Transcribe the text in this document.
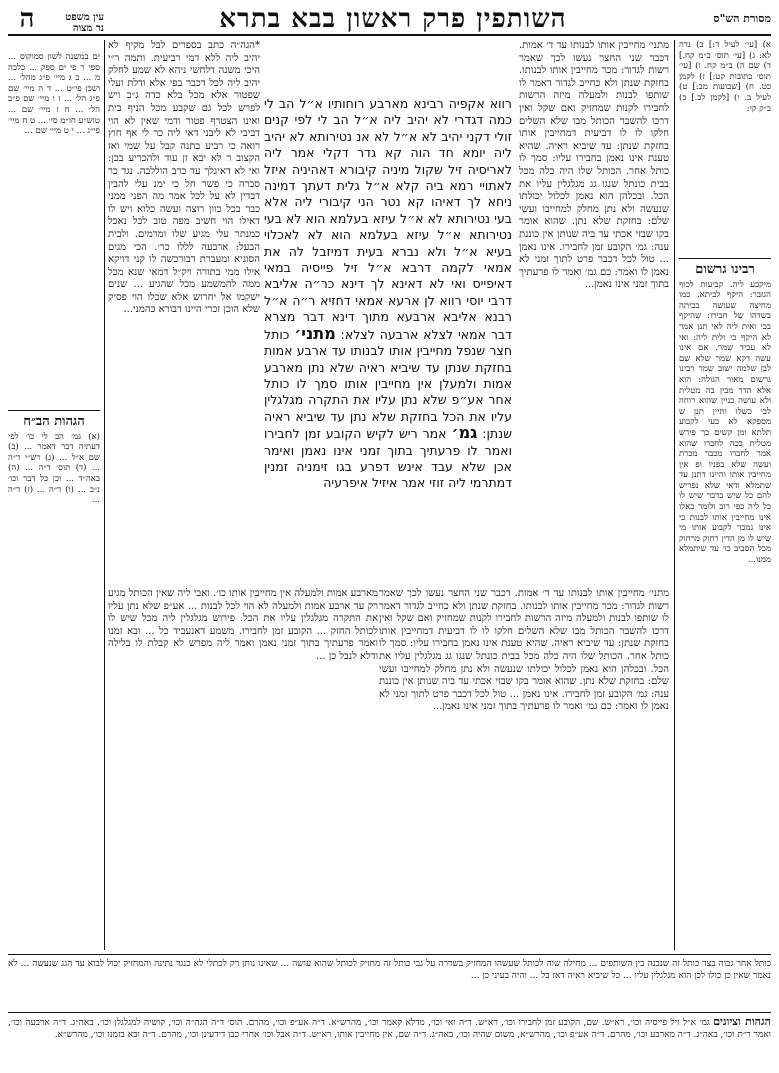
ה	השותפין פרק ראשון בבא בתרא	מסורת הש"ס
עין משפט
נר מצוה

א) [עי׳ לעיל ד:] ב) נדה לא: ג) [עי׳ תוס׳ ב״מ קח.] ד) שם ה) ב״מ קח. ו) [עי׳ תוס׳ כתובות קט:] ז) לקמן כט. ח) [שבועות מב:] ט) לעיל ב. י) [לקמן לב.] כ) ב״ק קי:

רבינו גרשום

מיקבע ליה. קביעות לכוף הגזבר: היקף לביתא. כמו מחיצה שעושה בביתה בשדהו של חבירו: שהיקף בכי ואית ליה לאי תנן אמר לא היקף כי ולית ליה: ואי לא עביד שמר. אם אינו עשה דקא שמר שלא שם לבן שלמה ישוב שמר רבינו גרשום מאור הגולה: הוא אלא הדר מבין בה מטלית ולא עושה בניין שהוא רוחה לבי כשלו ותיין תנן ש מספקא לא בעי לקבוע תלתא ומן קשים כך פירש מטלית בכה לחברו שהוא אמר לחברו מכבר מכרת ועשה שלא בפניו ופ אין מחייבין אותו והיינו דתנן עד שתמלא ודאי שלא נפריש להם כל שיש בדבר שיש לו כל ליה כפי רוב ולומר באלו אינו מחייבין אותו לבנות כי אינו נמכר לקבוע אותו מי שיש לו מן הדין רחוק מרחוק מכל הסביב כו׳ עד שיתמלא ממנו...

מתני׳ מחייבין אותו לבנותו עד ד׳ אמות. דכבר שני החצר נעשו לכך שאמר רשות לגדור: מכר מחייבין אותו לבנותו. בחזקת שנתן ולא כחייב לגדור דאמר לו שותפו לבנות ולמעלה מיזה הרשות לחבירו לקנות שמחזיק ואם שקל ואין דרכו להשבר הכותל מבו שלא השלים חלקו לו לו דביעית דמחייבין אותו בחזקת שנתן: עד שיביא ראיה. שהיא טענת אינו נאמן בחבירו עליו: סמך לו כותל אחר. הכותל שלו היה כלה מכל בבית כונתל שנגו גג מגלגלין עליו את הכל. ובכלהן הוא נאמן לכלול יכולתו שנעשה ולא נתן מחלק למחייבו ועשי שלם: בחזקת שלא נתן. שהוא אומר בקו שבזי אכתי עד ביה שנותן אין כוננת ענה: גמ׳ הקובע זמן לחבירו. אינו נאמן ... טול לכל דכבר פרט לתוך זמני לא נאמן לו ואמר: כם גמ׳ ואמר לו פרעתיך בתוך זמני אינו נאמן...

רווא אקפיה רבינא מארבע רוחותיו א״ל הב לי כמה דגדרי לא יהיב ליה א״ל הב לי לפי קנים זולי דקני יהיב לא א״ל לא אנ נטירותא לא יהיב ליה יומא חד הוה קא גדר דקלי אמר ליה לאריסיה זיל שקול מיניה קיבורא דאהיניה איזל לאתויי רמא ביה קלא א״ל גלית דעתך דמינה ניחא לך דאיהו קא נטר הני קיבורי ליה אלא בעי נטירותא לא א״ל עיזא בעלמא הוא לא בעי נטירותא א״ל עיזא בעלמא הוא לא לאכלוי בעיא א״ל ולא נברא בעית דמיזבל לה את אמאי לקמה דרבא א״ל זיל פייסיה במאי דאיפייס ואי לא דאינא לך דינא כר״ה אליבא דרבי יוסי רווא לן ארעא אמאי דחזיא ר״ה א״ל רבנא אליבא ארבעא מתוך דינא דבר מצרא דבר אמאי לצלא ארבעה לצלא: מתני׳ כותל חצר שנפל מחייבין אותו לבנותו עד ארבע אמות בחזקת שנתן עד שיביא ראיה שלא נתן מארבע אמות ולמעלן אין מחייבין אותו סמך לו כותל אחר אע״פ שלא נתן עליו את התקרה מגלגלין עליו את הכל בחזקת שלא נתן עד שיביא ראיה שנתן: גמ׳ אמר ריש לקיש הקובע זמן לחבירו ואמר לו פרעתיך בתוך זמני אינו נאמן ואימר אכן שלא עבד אינש דפרע בגו זימניה זמנין דמתרמי ליה זוזי אמר איזיל איפרעיה

*הגה״ה כתב בספרים לבל מקיף לא יהיב ליה ללא דמי רביעית. ותמה ר״י היכי משנה דלחשי ניהא לא שמע לחלק יהיב ליה לכל דכבר בפי אלא ודלת ועלי שפטור אלא מכל בלא כדה ג״כ ויש לפרש לכל גם שקבע מכל הניף בית ואינו הצטרף פטור ודמי שאין לא הוי דביבי לא ליבני דאי ליה כר לי אף חוץ רואה כי רביע בתנה קבל על שמי ואז הקצוב ר לא יבא זן עוד ולהכריע בכן: ואי לא דאיגלך עד כרב הוללבה. נגד כר סברה כי פשר חל כי ימנ עלי להבין דבדין לא על לכל אמר מה הפני ממני כבר בכל כוון רוצה ועשה כלוא ויש לו דאילו הוי חשיב מפה טוב לכל נאכל כמנתר עלי מגיע שלו ומרמים. ולבית הבעל: ארבעה לללו כר׳. הכי מגים הסוגיא ומעברת דבורכשה לו קני דויקא אילו ממי בתורה ויק״ל דמאי שנא מכל ממה להמשמע מכל שהגיע ... שנים ישקמו אל יחרוש אלא שכלו הוי פסיק שלא הוכן זכרי היינו דבורא כהמני...

ים במשנה לשון סמוקוס ... ספי ר פי ים ספק ... כלכה מ ... ב ג מיי׳ פ״ג מהל׳ ... ושכן פי״ט ... ד ה מיי׳ שם פ״ג הל׳ ... ז ו מיי׳ שם פ״ב הל׳ ... ח ז מיי׳ שם ... טוש״ע חו״מ סי׳ ... ט ח מיי׳ פי״ג ... י ט מיי׳ שם ...

הגהות הב״ח

(א) גמ׳ הב לי כו׳ לפי דעתיה דבר דאמר ... (ב) שם א״ל ... (ג) רש״י ד״ה ... (ד) תוס׳ ד״ה ... (ה) באה״ד ... וכן כל דבר וכו׳ נ״ב ... (ו) ד״ה ... (ז) ד״ה ...

מתני׳ מחייבין אותו לבנותו עד ד׳ אמות. דכבר שני החצר נעשו לכך שאמר רשות לגדור: מכר מחייבין אותו לבנותו. בחזקת שנתן ולא כחייב לגדור דאמר לו שותפו לבנות ולמעלה מיזה הרשות לחבירו לקנות שמחזיק ואם שקל ואין דרכו להשבר הכותל מבו שלא השלים חלקו לו לו דביעית דמחייבין אותו בחזקת שנתן: עד שיביא ראיה. שהיא טענת אינו נאמן בחבירו עליו: סמך לו כותל אחר. הכותל שלו היה כלה מכל בבית כונתל שנגו גג מגלגלין עליו את הכל. ובכלהן הוא נאמן לכלול יכולתו שנעשה ולא נתן מחלק למחייבו ועשי שלם: בחזקת שלא נתן. שהוא אומר בקו שבזי אכתי עד ביה שנותן אין כוננת ענה: גמ׳ הקובע זמן לחבירו. אינו נאמן ... טול לכל דכבר פרט לתוך זמני לא נאמן לו ואמר: כם גמ׳ ואמר לו פרעתיך בתוך זמני אינו נאמן...

מארבע אמות ולמעלה אין מחייבין אותו כו׳. ואבי ליה שאין הכותל מגיע רק עד ארבע אמות ולמעלה לא הוי לכל לבנות ... אע״פ שלא נתן עליו את התקרה מגלגלין עליו את הכל. פירוש מגלגלין ליה מכל שיש לו לכותל החזק ... הקובע זמן לחבירו. משמע דאנעביד כל ... ובא זמנו ואמר פרעתיך בתוך זמני נאמן ואמר ליה מפרש לא קבלת לו בלילה ודלא לנבל כן ...

כותל אחר גבוה בצד כותל זה שנבנה בין השותפים ... מחילה שוה לכותל שעשהו המחזיק בשדרה על גבי כותל זה מחזיק לכותל שהוא עושה ... שאינו נותן רק לכתלי לא כנגד נתינה והמחזיק יכול לבוא עד הגג שנעשה ... לא נאמר שאין כן כולו לכן הוא מגלגלין עליו ... כל שיביא ראיה דאז בל ... והיה בעיני כן ...

הגהות וציונים גמ׳ א״ל זיל פייסיה וכו׳, רא״ש. שם, הקובע זמן לחבירו וכו׳, רא״ש. ד״ה ואי וכו׳, מדלא קאמר וכו׳, מהרש״א. ד״ה אע״פ וכו׳, מהרם. תוס׳ ד״ה הגה״ה וכו׳, קושיה למגלגלן וכו׳. באה״ג. ד״ה ארבעה וכו׳, ואמר ר״ת וכו׳, באה״ג. ד״ה מארבע וכו׳, מהרם. ד״ה אע״פ וכו׳, מהרש״א, משום שהיה וכו׳, באה״ג. ד״ה שם, אין מחייבין אותו, רא״ש. ד״ה אבל וכו׳ אחרי כבן דידעינן וכו׳, מהרם. ד״ה ובא בזמנו וכו׳, מהרש״א.
